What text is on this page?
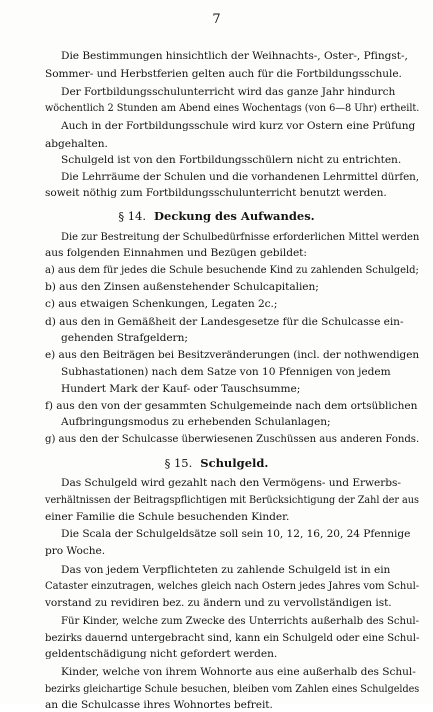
7
Die Bestimmungen hinsichtlich der Weihnachts-, Oster-, Pfingst-,
Sommer- und Herbstferien gelten auch für die Fortbildungsschule.
Der Fortbildungsschulunterricht wird das ganze Jahr hindurch
wöchentlich 2 Stunden am Abend eines Wochentags (von 6—8 Uhr) ertheilt.
Auch in der Fortbildungsschule wird kurz vor Ostern eine Prüfung
abgehalten.
Schulgeld ist von den Fortbildungsschülern nicht zu entrichten.
Die Lehrräume der Schulen und die vorhandenen Lehrmittel dürfen,
soweit nöthig zum Fortbildungsschulunterricht benutzt werden.
§ 14. Deckung des Aufwandes.
Die zur Bestreitung der Schulbedürfnisse erforderlichen Mittel werden
aus folgenden Einnahmen und Bezügen gebildet:
a) aus dem für jedes die Schule besuchende Kind zu zahlenden Schulgeld;
b) aus den Zinsen außenstehender Schulcapitalien;
c) aus etwaigen Schenkungen, Legaten 2c.;
d) aus den in Gemäßheit der Landesgesetze für die Schulcasse ein-
gehenden Strafgeldern;
e) aus den Beiträgen bei Besitzveränderungen (incl. der nothwendigen
Subhastationen) nach dem Satze von 10 Pfennigen von jedem
Hundert Mark der Kauf- oder Tauschsumme;
f) aus den von der gesammten Schulgemeinde nach dem ortsüblichen
Aufbringungsmodus zu erhebenden Schulanlagen;
g) aus den der Schulcasse überwiesenen Zuschüssen aus anderen Fonds.
§ 15. Schulgeld.
Das Schulgeld wird gezahlt nach den Vermögens- und Erwerbs-
verhältnissen der Beitragspflichtigen mit Berücksichtigung der Zahl der aus
einer Familie die Schule besuchenden Kinder.
Die Scala der Schulgeldsätze soll sein 10, 12, 16, 20, 24 Pfennige
pro Woche.
Das von jedem Verpflichteten zu zahlende Schulgeld ist in ein
Cataster einzutragen, welches gleich nach Ostern jedes Jahres vom Schul-
vorstand zu revidiren bez. zu ändern und zu vervollständigen ist.
Für Kinder, welche zum Zwecke des Unterrichts außerhalb des Schul-
bezirks dauernd untergebracht sind, kann ein Schulgeld oder eine Schul-
geldentschädigung nicht gefordert werden.
Kinder, welche von ihrem Wohnorte aus eine außerhalb des Schul-
bezirks gleichartige Schule besuchen, bleiben vom Zahlen eines Schulgeldes
an die Schulcasse ihres Wohnortes befreit.
